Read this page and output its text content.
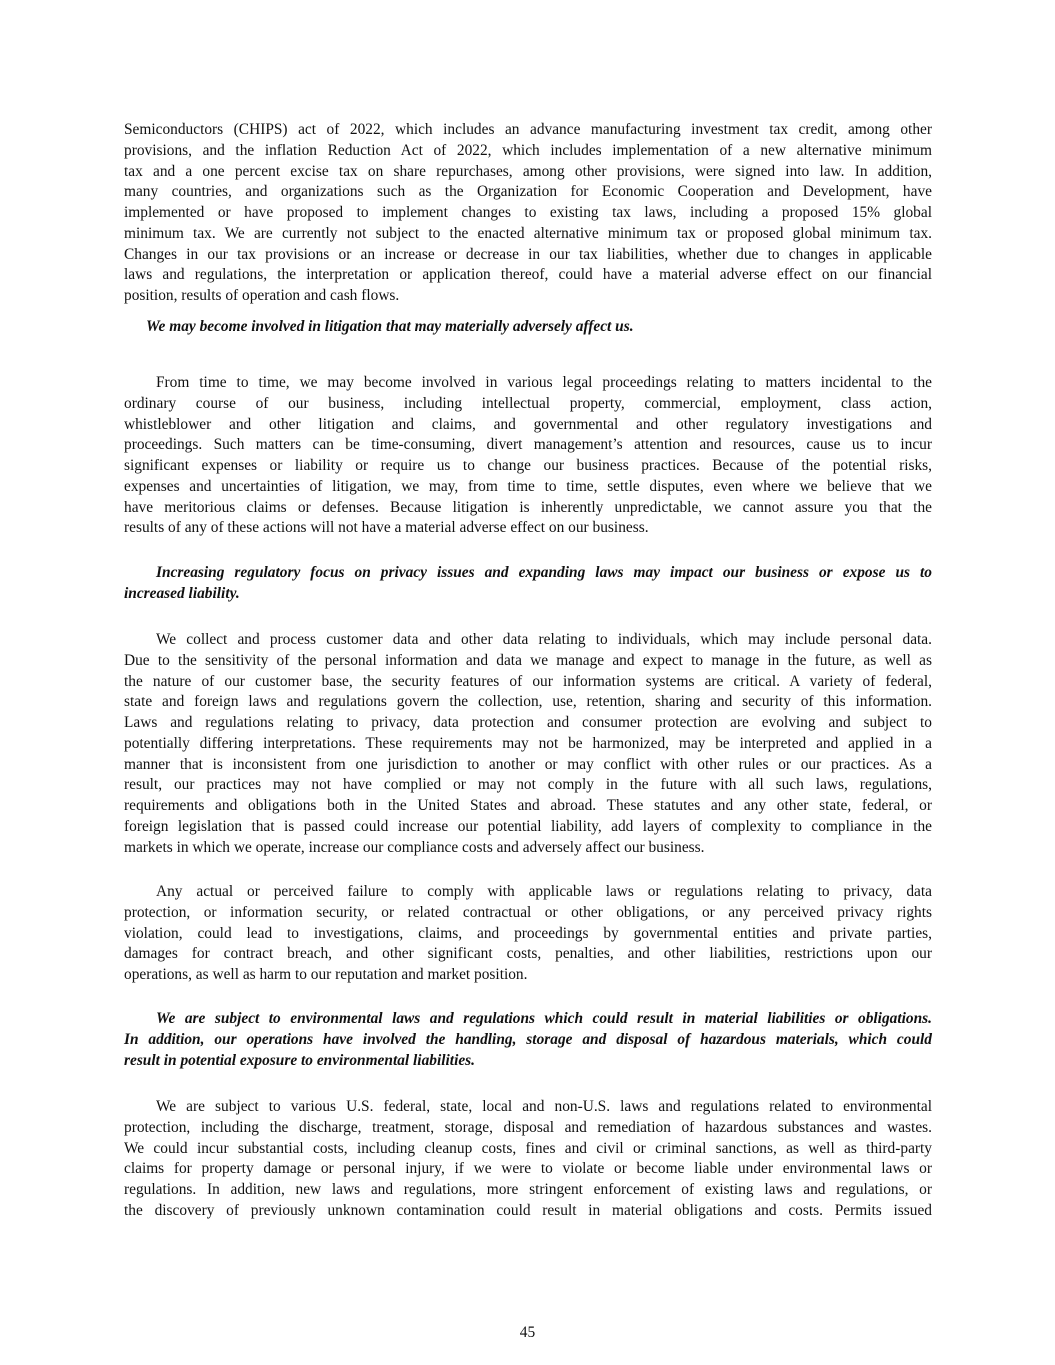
Semiconductors (CHIPS) act of 2022, which includes an advance manufacturing investment tax credit, among other
provisions, and the inflation Reduction Act of 2022, which includes implementation of a new alternative minimum
tax and a one percent excise tax on share repurchases, among other provisions, were signed into law. In addition,
many countries, and organizations such as the Organization for Economic Cooperation and Development, have
implemented or have proposed to implement changes to existing tax laws, including a proposed 15% global
minimum tax. We are currently not subject to the enacted alternative minimum tax or proposed global minimum tax.
Changes in our tax provisions or an increase or decrease in our tax liabilities, whether due to changes in applicable
laws and regulations, the interpretation or application thereof, could have a material adverse effect on our financial
position, results of operation and cash flows.
We may become involved in litigation that may materially adversely affect us.
From time to time, we may become involved in various legal proceedings relating to matters incidental to the
ordinary course of our business, including intellectual property, commercial, employment, class action,
whistleblower and other litigation and claims, and governmental and other regulatory investigations and
proceedings. Such matters can be time-consuming, divert management’s attention and resources, cause us to incur
significant expenses or liability or require us to change our business practices. Because of the potential risks,
expenses and uncertainties of litigation, we may, from time to time, settle disputes, even where we believe that we
have meritorious claims or defenses. Because litigation is inherently unpredictable, we cannot assure you that the
results of any of these actions will not have a material adverse effect on our business.
Increasing regulatory focus on privacy issues and expanding laws may impact our business or expose us to
increased liability.
We collect and process customer data and other data relating to individuals, which may include personal data.
Due to the sensitivity of the personal information and data we manage and expect to manage in the future, as well as
the nature of our customer base, the security features of our information systems are critical. A variety of federal,
state and foreign laws and regulations govern the collection, use, retention, sharing and security of this information.
Laws and regulations relating to privacy, data protection and consumer protection are evolving and subject to
potentially differing interpretations. These requirements may not be harmonized, may be interpreted and applied in a
manner that is inconsistent from one jurisdiction to another or may conflict with other rules or our practices. As a
result, our practices may not have complied or may not comply in the future with all such laws, regulations,
requirements and obligations both in the United States and abroad. These statutes and any other state, federal, or
foreign legislation that is passed could increase our potential liability, add layers of complexity to compliance in the
markets in which we operate, increase our compliance costs and adversely affect our business.
Any actual or perceived failure to comply with applicable laws or regulations relating to privacy, data
protection, or information security, or related contractual or other obligations, or any perceived privacy rights
violation, could lead to investigations, claims, and proceedings by governmental entities and private parties,
damages for contract breach, and other significant costs, penalties, and other liabilities, restrictions upon our
operations, as well as harm to our reputation and market position.
We are subject to environmental laws and regulations which could result in material liabilities or obligations.
In addition, our operations have involved the handling, storage and disposal of hazardous materials, which could
result in potential exposure to environmental liabilities.
We are subject to various U.S. federal, state, local and non-U.S. laws and regulations related to environmental
protection, including the discharge, treatment, storage, disposal and remediation of hazardous substances and wastes.
We could incur substantial costs, including cleanup costs, fines and civil or criminal sanctions, as well as third-party
claims for property damage or personal injury, if we were to violate or become liable under environmental laws or
regulations. In addition, new laws and regulations, more stringent enforcement of existing laws and regulations, or
the discovery of previously unknown contamination could result in material obligations and costs. Permits issued
45
